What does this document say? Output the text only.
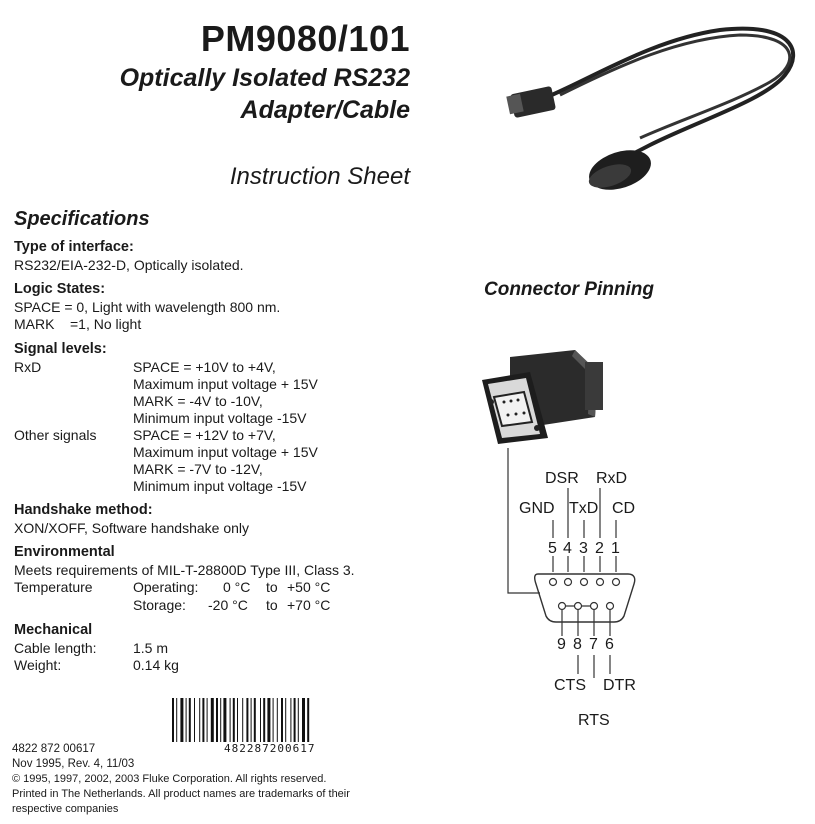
PM9080/101
Optically Isolated RS232
Adapter/Cable
Instruction Sheet
Specifications
Type of interface:
RS232/EIA-232-D, Optically isolated.
Logic States:
SPACE = 0, Light with wavelength 800 nm.
MARK    =1, No light
Signal levels:
RxD	SPACE = +10V to +4V,
Maximum input voltage + 15V
MARK = -4V to -10V,
Minimum input voltage -15V
Other signals	SPACE = +12V to +7V,
Maximum input voltage + 15V
MARK = -7V to -12V,
Minimum input voltage -15V
Handshake method:
XON/XOFF, Software handshake only
Environmental
Meets requirements of MIL-T-28800D Type III, Class 3.
Temperature	Operating: 0 °C to +50 °C
Storage: -20 °C to +70 °C
Mechanical
Cable length:	1.5 m
Weight:	0.14 kg
482287200617
4822 872 00617
Nov 1995, Rev. 4, 11/03
© 1995, 1997, 2002, 2003 Fluke Corporation. All rights reserved.
Printed in The Netherlands. All product names are trademarks of their
respective companies
Connector Pinning
DSR RxD
GND TxD CD
5 4 3 2 1
9 8 7 6
CTS DTR
RTS
